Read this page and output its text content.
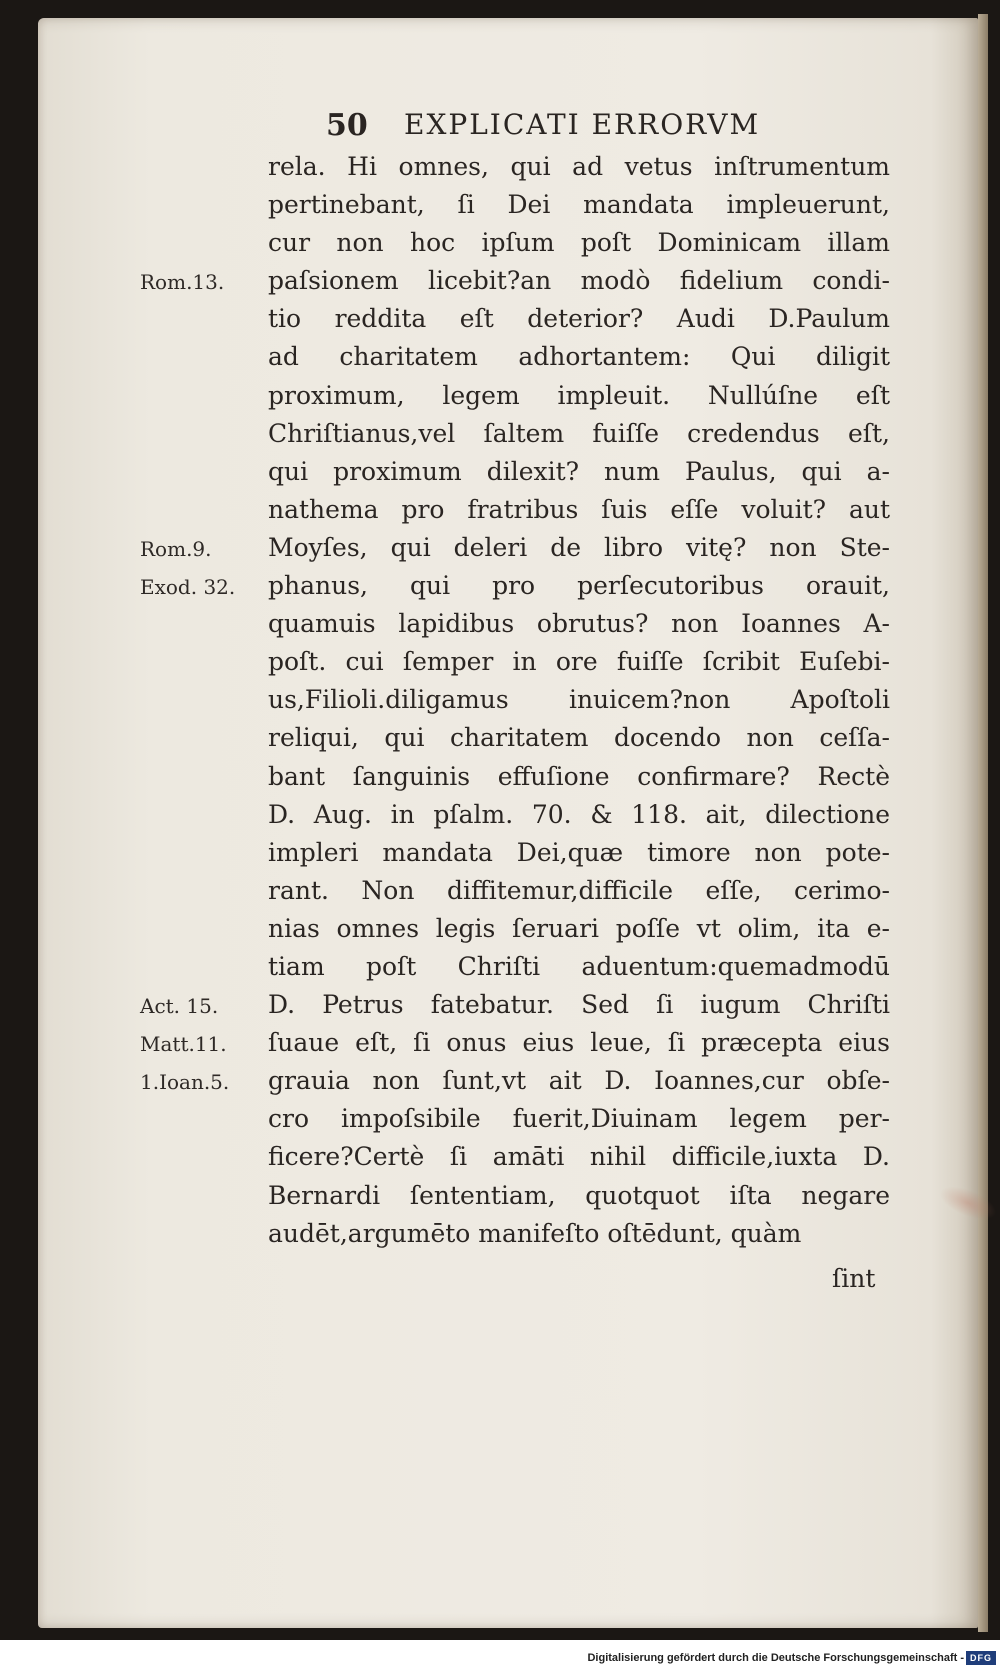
50 EXPLICATI ERRORVM
rela. Hi omnes, qui ad vetus inſtrumentum
pertinebant, ſi Dei mandata impleuerunt,
cur non hoc ipſum poſt Dominicam illam
paſsionem licebit?an modò fidelium condi-
tio reddita eſt deterior? Audi D.Paulum
ad charitatem adhortantem: Qui diligit
proximum, legem impleuit. Nullúſne eſt
Chriſtianus,vel ſaltem fuiſſe credendus eſt,
qui proximum dilexit? num Paulus, qui a-
nathema pro fratribus ſuis eſſe voluit? aut
Moyſes, qui deleri de libro vitę? non Ste-
phanus, qui pro perſecutoribus orauit,
quamuis lapidibus obrutus? non Ioannes A-
poſt. cui ſemper in ore fuiſſe ſcribit Euſebi-
us,Filioli.diligamus inuicem?non Apoſtoli
reliqui, qui charitatem docendo non ceſſa-
bant ſanguinis effuſione confirmare? Rectè
D. Aug. in pſalm. 70. & 118. ait, dilectione
impleri mandata Dei,quæ timore non pote-
rant. Non diffitemur,difficile eſſe, cerimo-
nias omnes legis ſeruari poſſe vt olim, ita e-
tiam poſt Chriſti aduentum:quemadmodū
D. Petrus fatebatur. Sed ſi iugum Chriſti
ſuaue eſt, ſi onus eius leue, ſi præcepta eius
grauia non ſunt,vt ait D. Ioannes,cur obſe-
cro impoſsibile fuerit,Diuinam legem per-
ficere?Certè ſi amāti nihil difficile,iuxta D.
Bernardi ſententiam, quotquot iſta negare
audēt,argumēto manifeſto oſtēdunt, quàm
Rom.13.
Rom.9.
Exod. 32.
Act. 15.
Matt.11.
1.Ioan.5.
ſint
Digitalisierung gefördert durch die Deutsche Forschungsgemeinschaft - DFG
